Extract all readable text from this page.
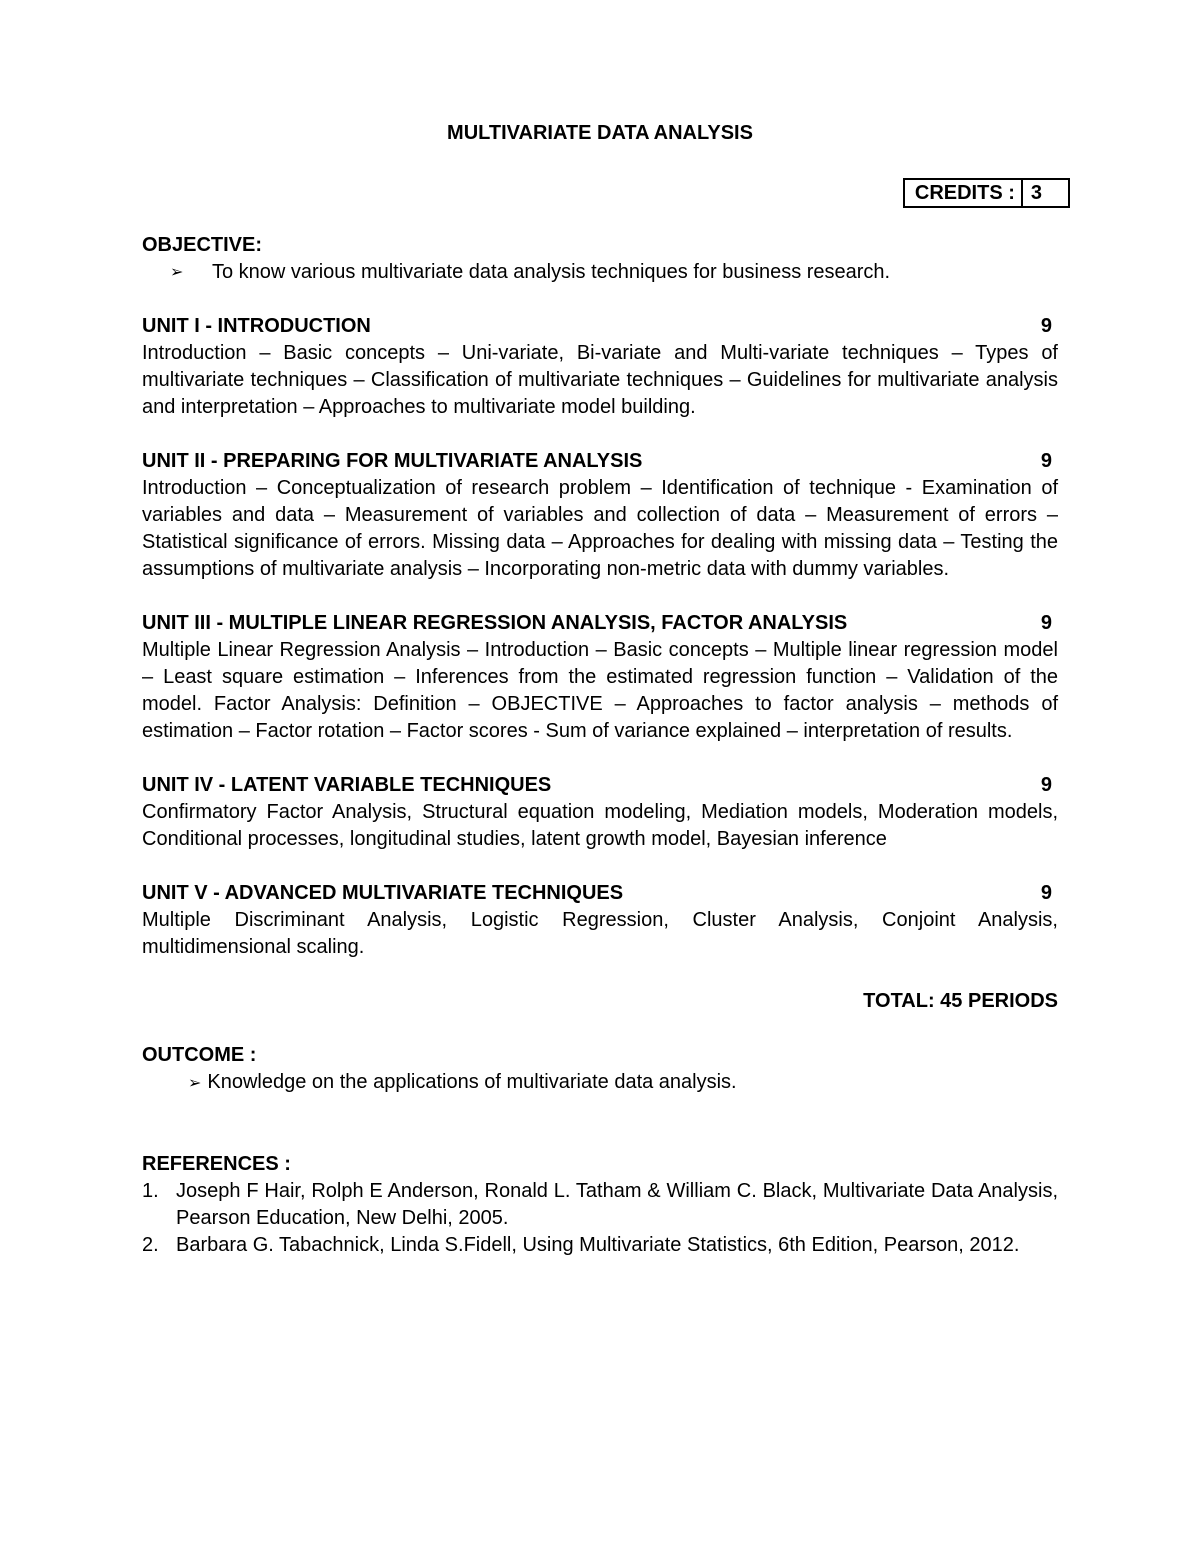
MULTIVARIATE DATA ANALYSIS
CREDITS : 3
OBJECTIVE:
➢ To know various multivariate data analysis techniques for business research.
UNIT I - INTRODUCTION	9
Introduction – Basic concepts – Uni-variate, Bi-variate and Multi-variate techniques – Types of multivariate techniques – Classification of multivariate techniques – Guidelines for multivariate analysis and interpretation – Approaches to multivariate model building.
UNIT II - PREPARING FOR MULTIVARIATE ANALYSIS	9
Introduction – Conceptualization of research problem – Identification of technique - Examination of variables and data – Measurement of variables and collection of data – Measurement of errors – Statistical significance of errors. Missing data – Approaches for dealing with missing data – Testing the assumptions of multivariate analysis – Incorporating non-metric data with dummy variables.
UNIT III - MULTIPLE LINEAR REGRESSION ANALYSIS, FACTOR ANALYSIS	9
Multiple Linear Regression Analysis – Introduction – Basic concepts – Multiple linear regression model – Least square estimation – Inferences from the estimated regression function – Validation of the model. Factor Analysis: Definition – OBJECTIVE – Approaches to factor analysis – methods of estimation – Factor rotation – Factor scores - Sum of variance explained – interpretation of results.
UNIT IV - LATENT VARIABLE TECHNIQUES	9
Confirmatory Factor Analysis, Structural equation modeling, Mediation models, Moderation models, Conditional processes, longitudinal studies, latent growth model, Bayesian inference
UNIT V - ADVANCED MULTIVARIATE TECHNIQUES	9
Multiple Discriminant Analysis, Logistic Regression, Cluster Analysis, Conjoint Analysis, multidimensional scaling.
TOTAL: 45 PERIODS
OUTCOME :
➢ Knowledge on the applications of multivariate data analysis.
REFERENCES :
1. Joseph F Hair, Rolph E Anderson, Ronald L. Tatham & William C. Black, Multivariate Data Analysis, Pearson Education, New Delhi, 2005.
2. Barbara G. Tabachnick, Linda S.Fidell, Using Multivariate Statistics, 6th Edition, Pearson, 2012.
